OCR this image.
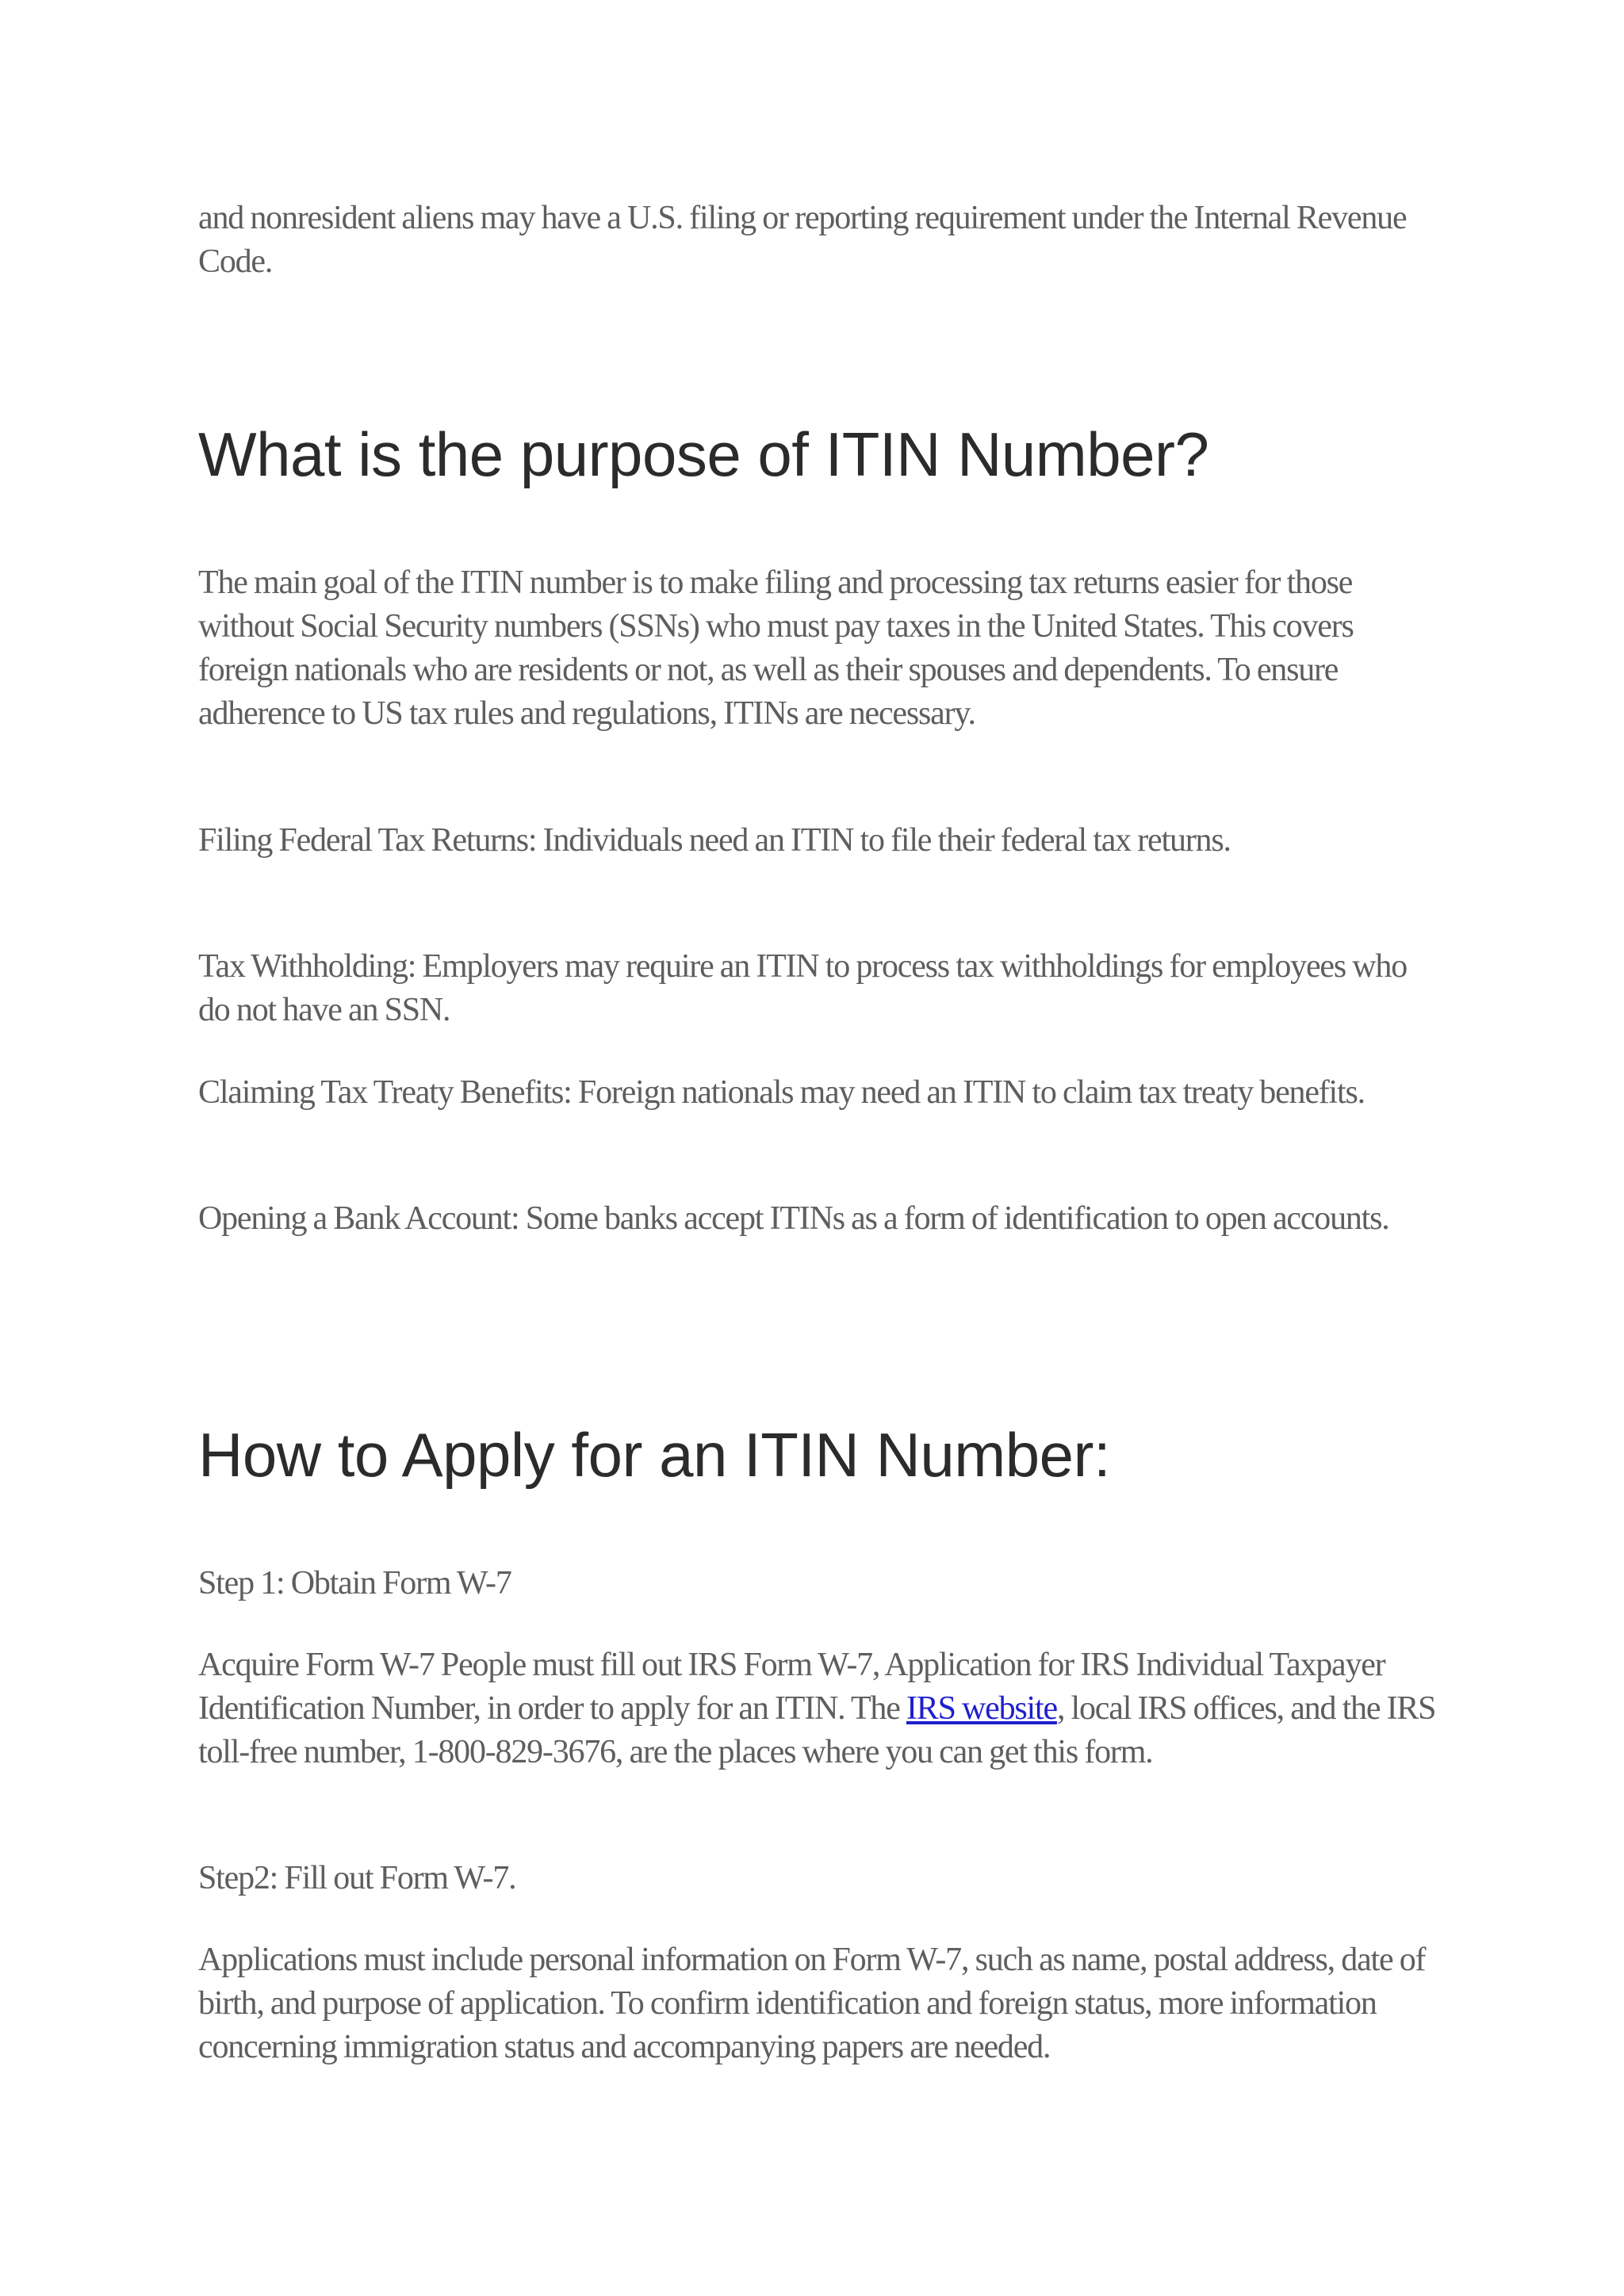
and nonresident aliens may have a U.S. filing or reporting requirement under the Internal Revenue Code.

What is the purpose of ITIN Number?

The main goal of the ITIN number is to make filing and processing tax returns easier for those without Social Security numbers (SSNs) who must pay taxes in the United States. This covers foreign nationals who are residents or not, as well as their spouses and dependents. To ensure adherence to US tax rules and regulations, ITINs are necessary.

Filing Federal Tax Returns: Individuals need an ITIN to file their federal tax returns.

Tax Withholding: Employers may require an ITIN to process tax withholdings for employees who do not have an SSN.

Claiming Tax Treaty Benefits: Foreign nationals may need an ITIN to claim tax treaty benefits.

Opening a Bank Account: Some banks accept ITINs as a form of identification to open accounts.

How to Apply for an ITIN Number:

Step 1: Obtain Form W-7

Acquire Form W-7 People must fill out IRS Form W-7, Application for IRS Individual Taxpayer Identification Number, in order to apply for an ITIN. The IRS website, local IRS offices, and the IRS toll-free number, 1-800-829-3676, are the places where you can get this form.

Step2: Fill out Form W-7.

Applications must include personal information on Form W-7, such as name, postal address, date of birth, and purpose of application. To confirm identification and foreign status, more information concerning immigration status and accompanying papers are needed.
